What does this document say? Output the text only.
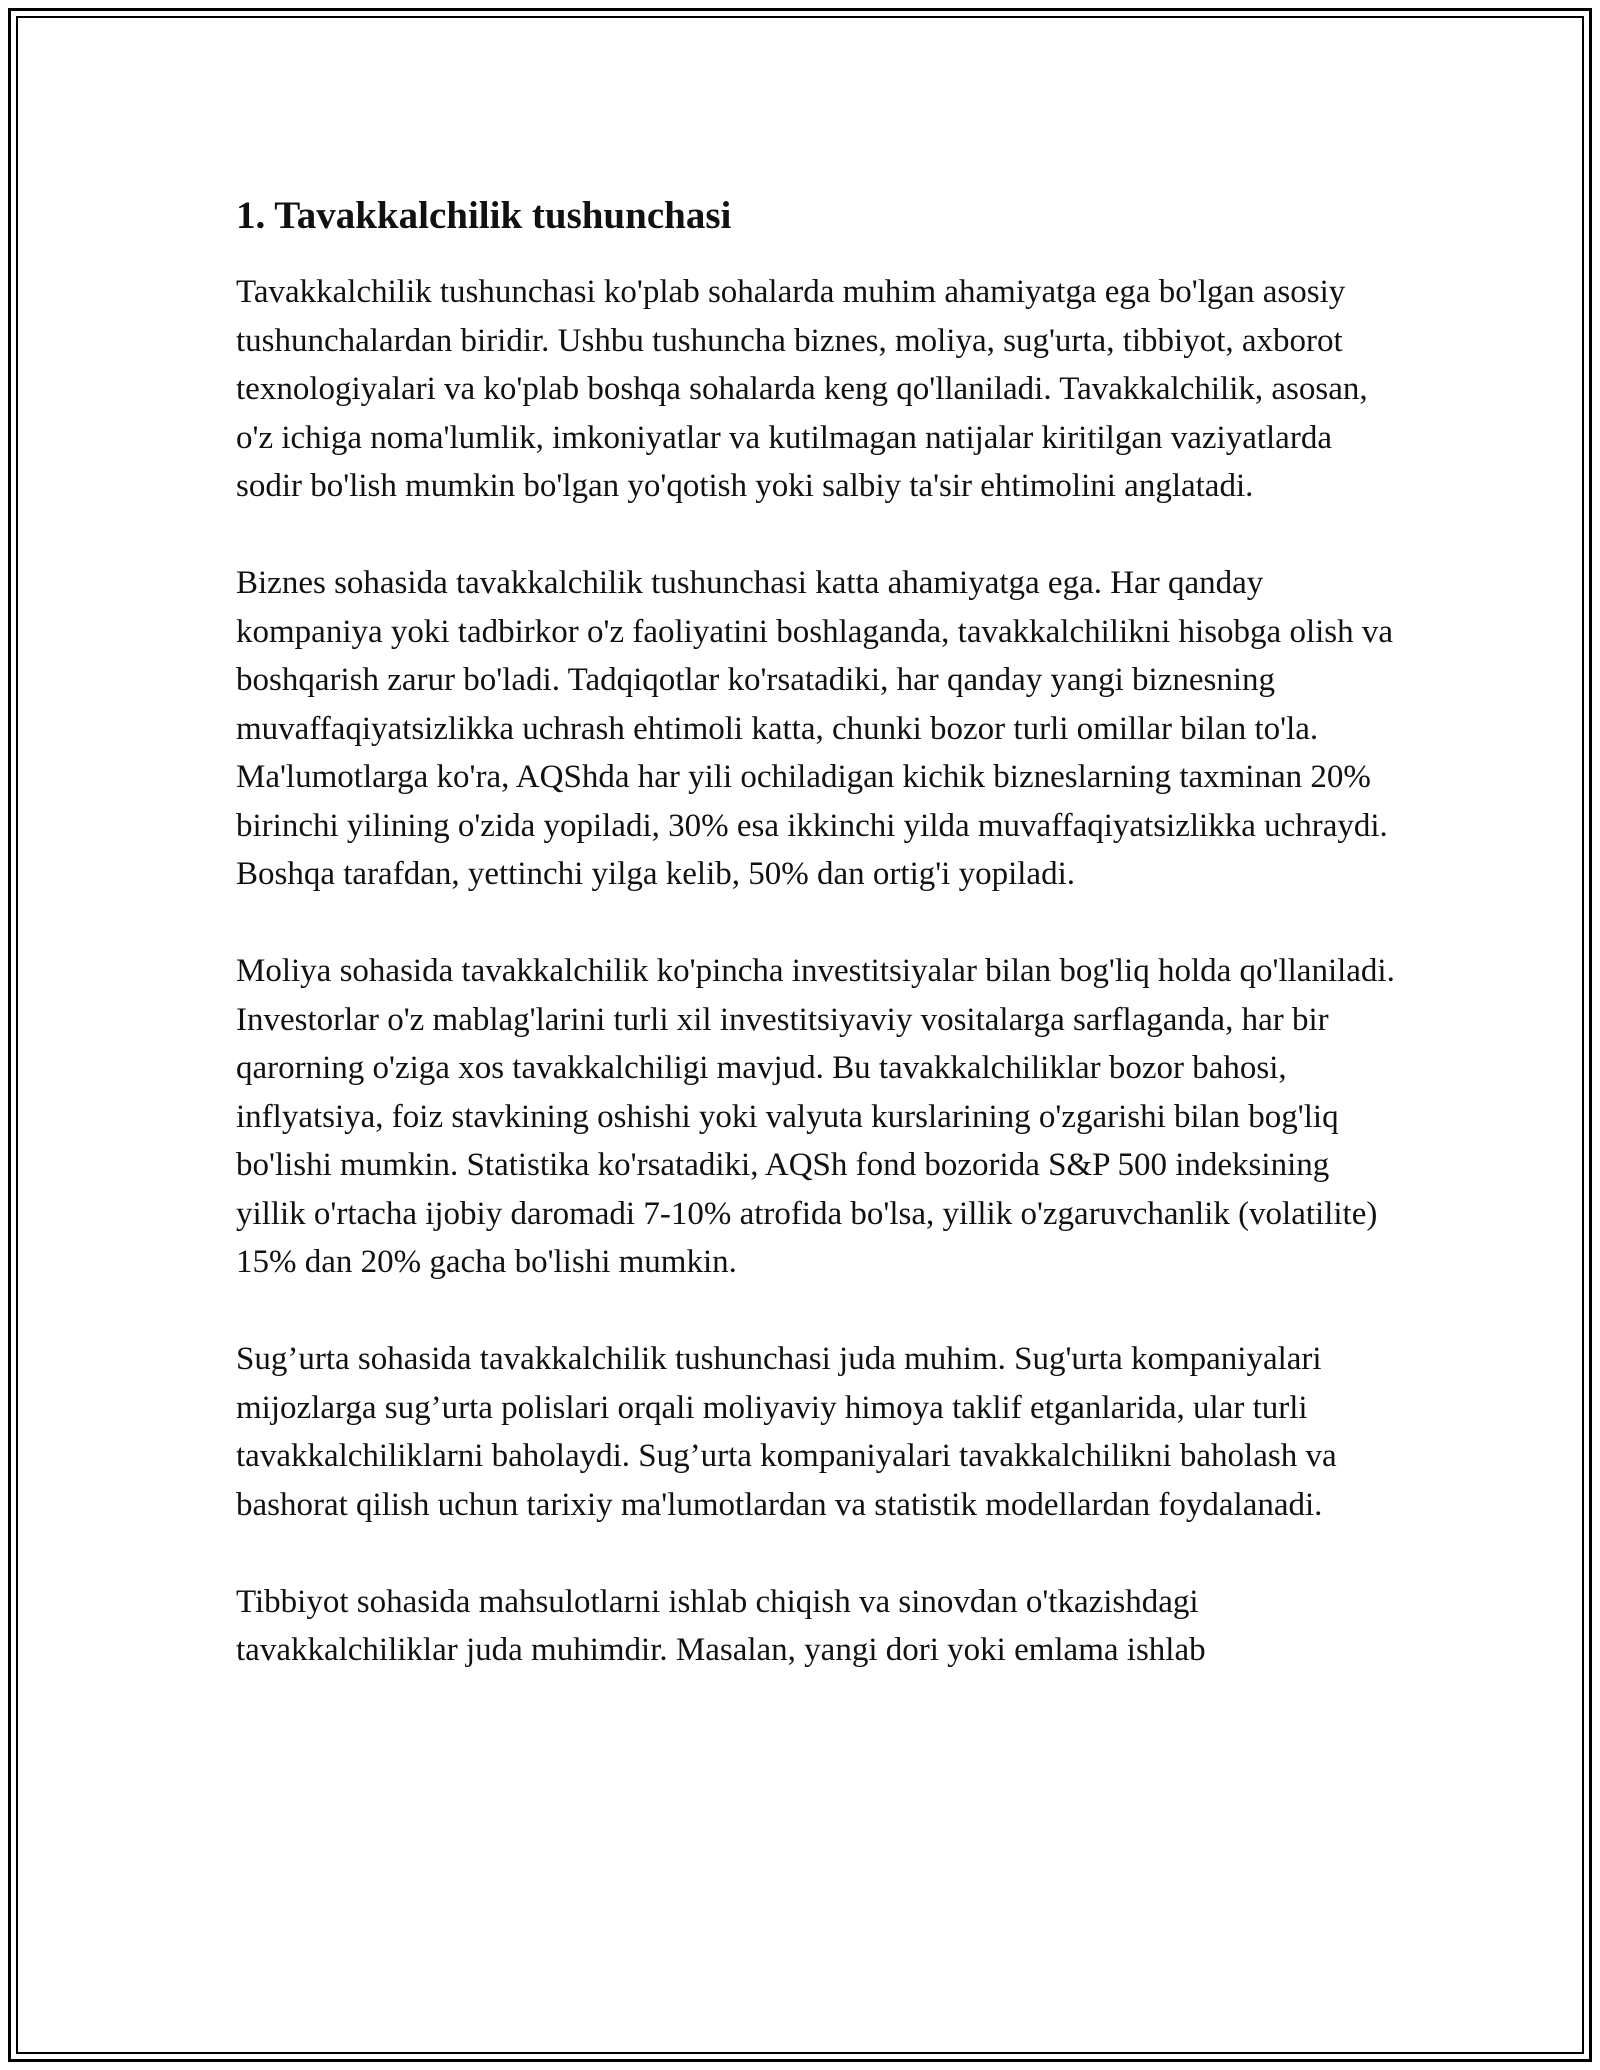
1. Tavakkalchilik tushunchasi

Tavakkalchilik tushunchasi ko'plab sohalarda muhim ahamiyatga ega bo'lgan asosiy tushunchalardan biridir. Ushbu tushuncha biznes, moliya, sug'urta, tibbiyot, axborot texnologiyalari va ko'plab boshqa sohalarda keng qo'llaniladi. Tavakkalchilik, asosan, o'z ichiga noma'lumlik, imkoniyatlar va kutilmagan natijalar kiritilgan vaziyatlarda sodir bo'lish mumkin bo'lgan yo'qotish yoki salbiy ta'sir ehtimolini anglatadi.

Biznes sohasida tavakkalchilik tushunchasi katta ahamiyatga ega. Har qanday kompaniya yoki tadbirkor o'z faoliyatini boshlaganda, tavakkalchilikni hisobga olish va boshqarish zarur bo'ladi. Tadqiqotlar ko'rsatadiki, har qanday yangi biznesning muvaffaqiyatsizlikka uchrash ehtimoli katta, chunki bozor turli omillar bilan to'la. Ma'lumotlarga ko'ra, AQShda har yili ochiladigan kichik bizneslarning taxminan 20% birinchi yilining o'zida yopiladi, 30% esa ikkinchi yilda muvaffaqiyatsizlikka uchraydi. Boshqa tarafdan, yettinchi yilga kelib, 50% dan ortig'i yopiladi.

Moliya sohasida tavakkalchilik ko'pincha investitsiyalar bilan bog'liq holda qo'llaniladi. Investorlar o'z mablag'larini turli xil investitsiyaviy vositalarga sarflaganda, har bir qarorning o'ziga xos tavakkalchiligi mavjud. Bu tavakkalchiliklar bozor bahosi, inflyatsiya, foiz stavkining oshishi yoki valyuta kurslarining o'zgarishi bilan bog'liq bo'lishi mumkin. Statistika ko'rsatadiki, AQSh fond bozorida S&P 500 indeksining yillik o'rtacha ijobiy daromadi 7-10% atrofida bo'lsa, yillik o'zgaruvchanlik (volatilite) 15% dan 20% gacha bo'lishi mumkin.

Sug’urta sohasida tavakkalchilik tushunchasi juda muhim. Sug'urta kompaniyalari mijozlarga sug’urta polislari orqali moliyaviy himoya taklif etganlarida, ular turli tavakkalchiliklarni baholaydi. Sug’urta kompaniyalari tavakkalchilikni baholash va bashorat qilish uchun tarixiy ma'lumotlardan va statistik modellardan foydalanadi.

Tibbiyot sohasida mahsulotlarni ishlab chiqish va sinovdan o'tkazishdagi tavakkalchiliklar juda muhimdir. Masalan, yangi dori yoki emlama ishlab
